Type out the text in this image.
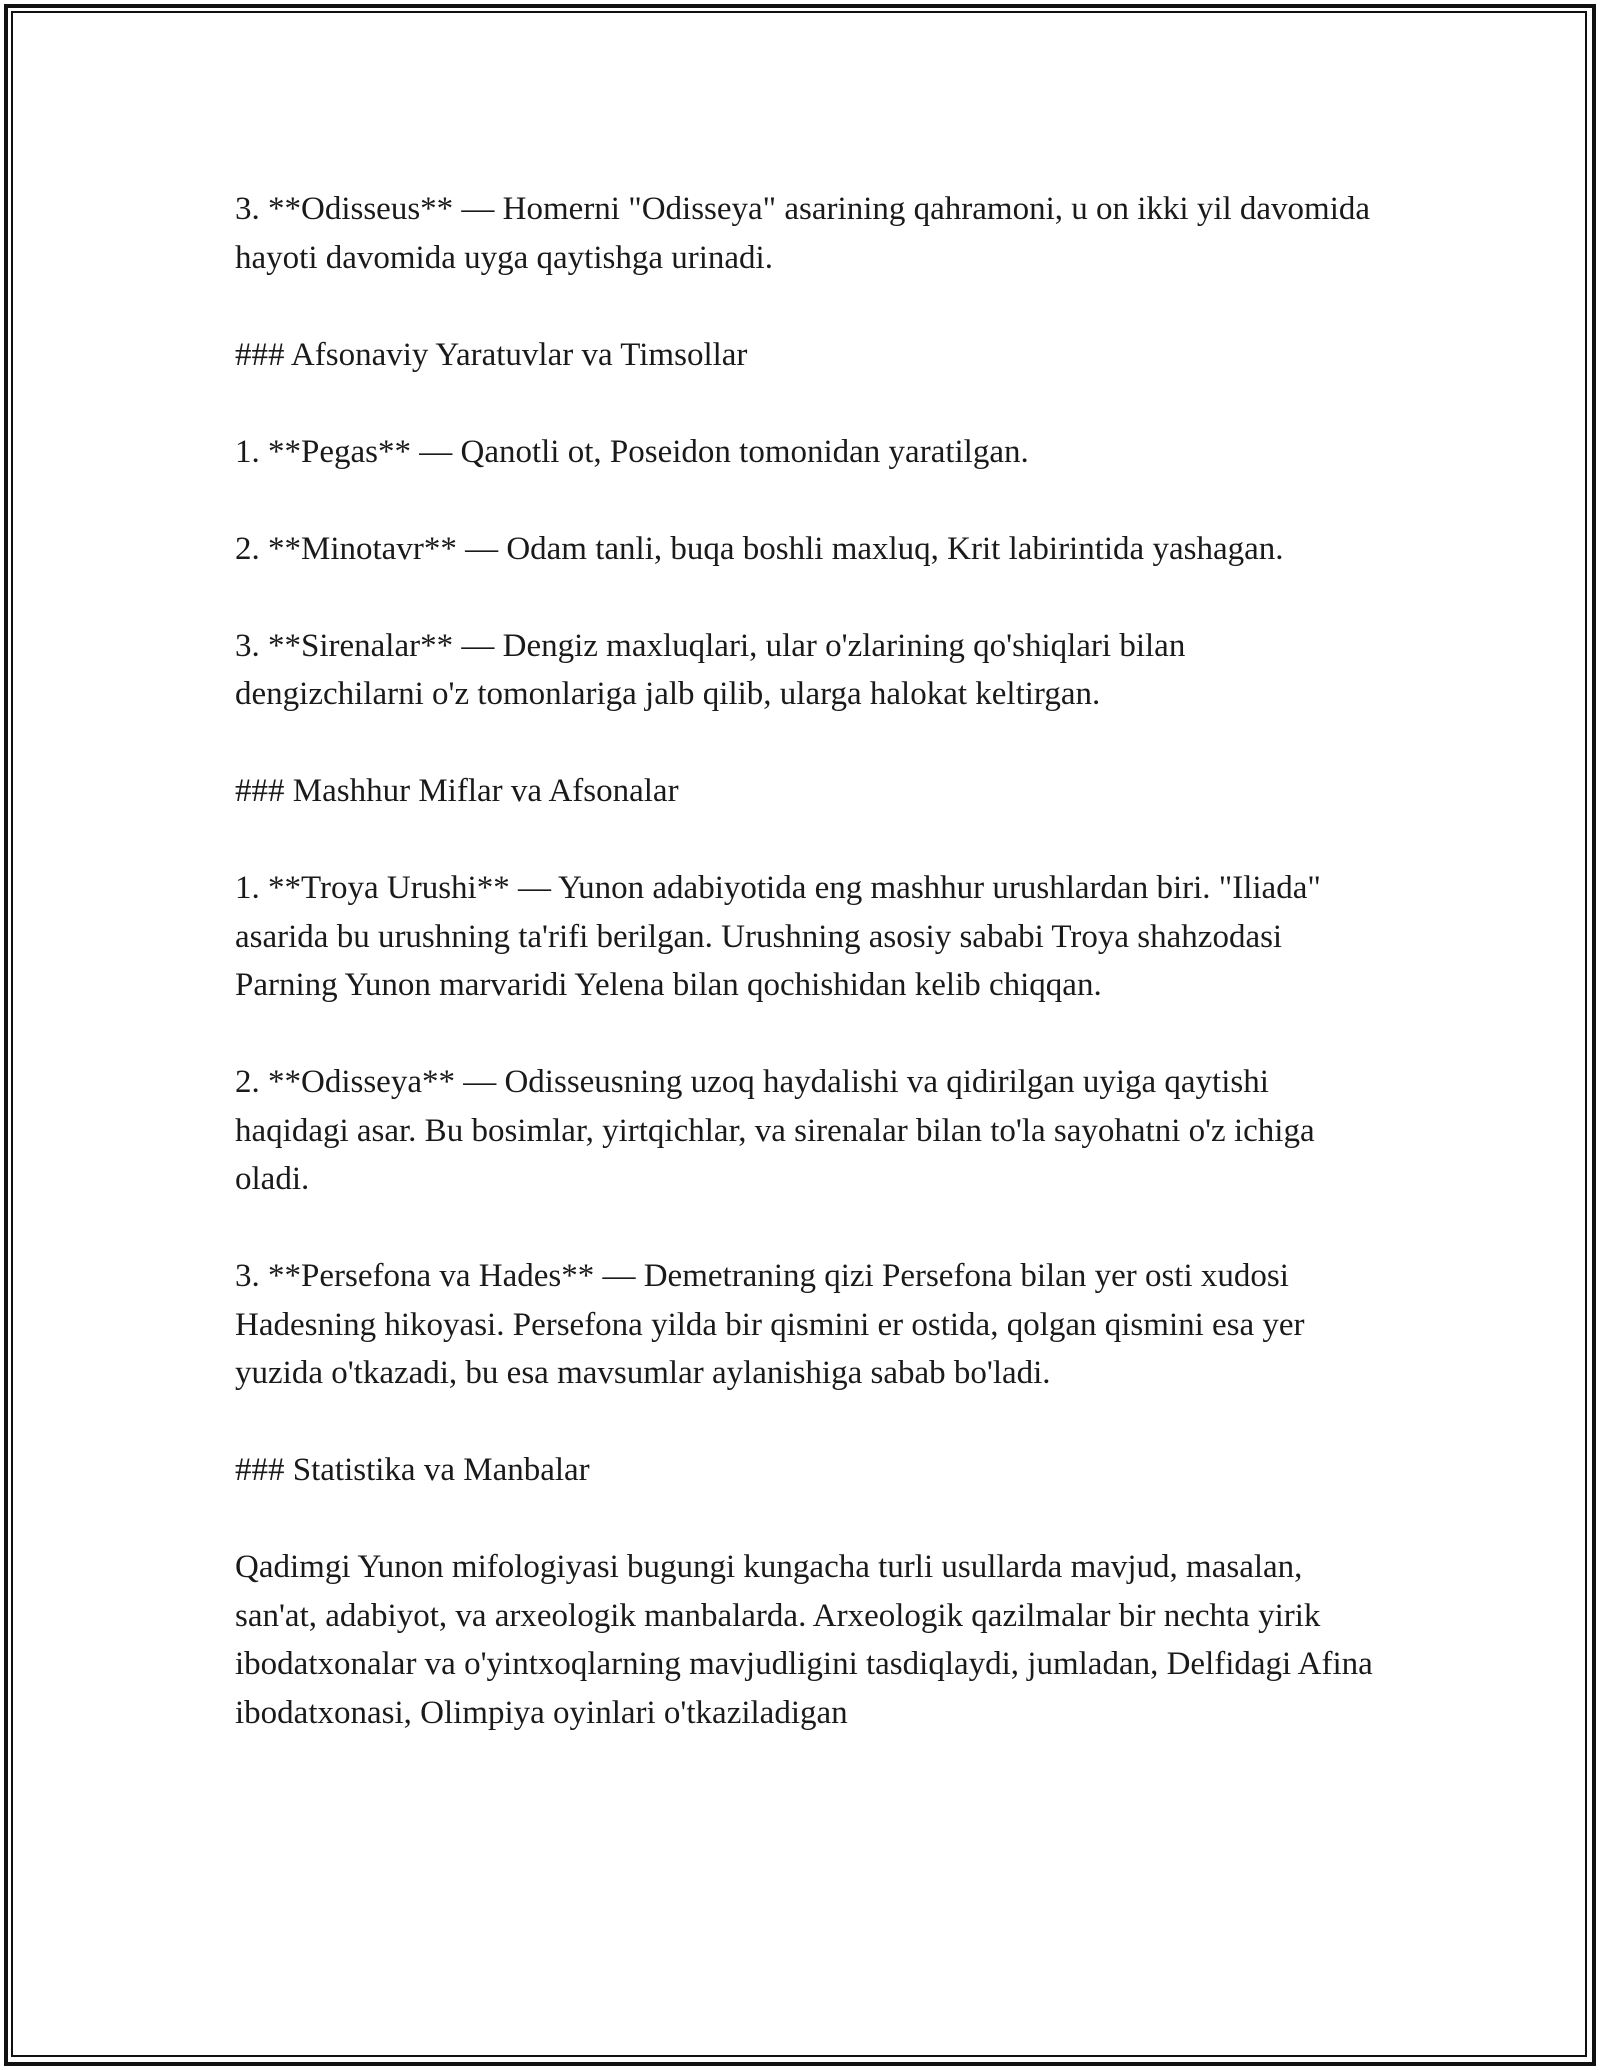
3. **Odisseus** — Homerni "Odisseya" asarining qahramoni, u on ikki yil davomida hayoti davomida uyga qaytishga urinadi.

### Afsonaviy Yaratuvlar va Timsollar

1. **Pegas** — Qanotli ot, Poseidon tomonidan yaratilgan.

2. **Minotavr** — Odam tanli, buqa boshli maxluq, Krit labirintida yashagan.

3. **Sirenalar** — Dengiz maxluqlari, ular o'zlarining qo'shiqlari bilan dengizchilarni o'z tomonlariga jalb qilib, ularga halokat keltirgan.

### Mashhur Miflar va Afsonalar

1. **Troya Urushi** — Yunon adabiyotida eng mashhur urushlardan biri. "Iliada" asarida bu urushning ta'rifi berilgan. Urushning asosiy sababi Troya shahzodasi Parning Yunon marvaridi Yelena bilan qochishidan kelib chiqqan.

2. **Odisseya** — Odisseusning uzoq haydalishi va qidirilgan uyiga qaytishi haqidagi asar. Bu bosimlar, yirtqichlar, va sirenalar bilan to'la sayohatni o'z ichiga oladi.

3. **Persefona va Hades** — Demetraning qizi Persefona bilan yer osti xudosi Hadesning hikoyasi. Persefona yilda bir qismini er ostida, qolgan qismini esa yer yuzida o'tkazadi, bu esa mavsumlar aylanishiga sabab bo'ladi.

### Statistika va Manbalar

Qadimgi Yunon mifologiyasi bugungi kungacha turli usullarda mavjud, masalan, san'at, adabiyot, va arxeologik manbalarda. Arxeologik qazilmalar bir nechta yirik ibodatxonalar va o'yintxoqlarning mavjudligini tasdiqlaydi, jumladan, Delfidagi Afina ibodatxonasi, Olimpiya oyinlari o'tkaziladigan
